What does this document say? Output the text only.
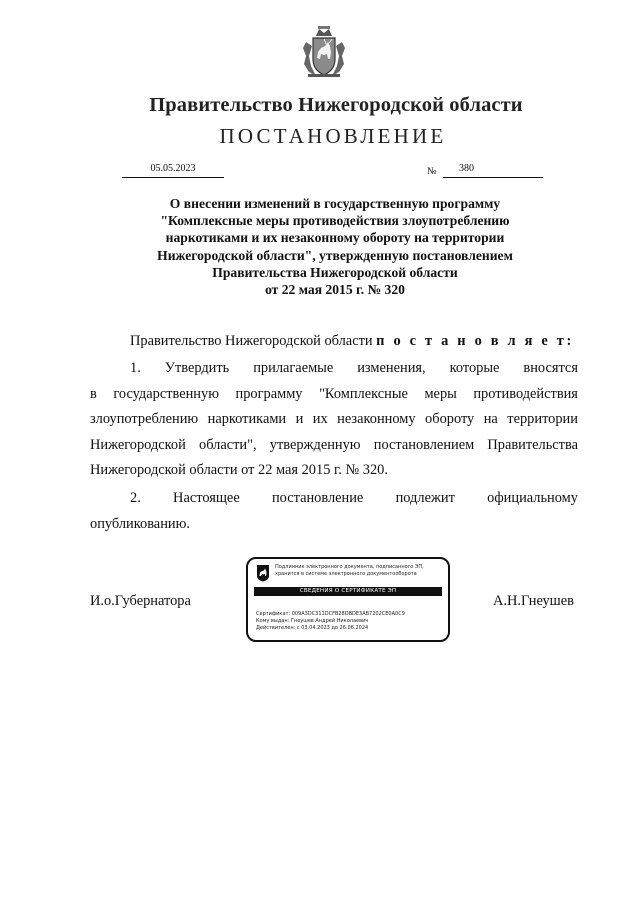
Правительство Нижегородской области
ПОСТАНОВЛЕНИЕ
05.05.2023	№ 380
О внесении изменений в государственную программу
"Комплексные меры противодействия злоупотреблению
наркотиками и их незаконному обороту на территории
Нижегородской области", утвержденную постановлением
Правительства Нижегородской области
от 22 мая 2015 г. № 320
Правительство Нижегородской области п о с т а н о в л я е т:
1. Утвердить прилагаемые изменения, которые вносятся
в государственную программу "Комплексные меры противодействия
злоупотреблению наркотиками и их незаконному обороту на территории
Нижегородской области", утвержденную постановлением Правительства
Нижегородской области от 22 мая 2015 г. № 320.
2. Настоящее постановление подлежит официальному
опубликованию.
И.о.Губернатора	А.Н.Гнеушев
Подлинник электронного документа, подписанного ЭП,
хранится в системе электронного документооборота
СВЕДЕНИЯ О СЕРТИФИКАТЕ ЭП
Сертификат: 009A3DC311DCFB28DBDE3AB7202CE0A0C9
Кому выдан: Гнеушев Андрей Николаевич
Действителен: с 03.04.2023 до 26.06.2024
